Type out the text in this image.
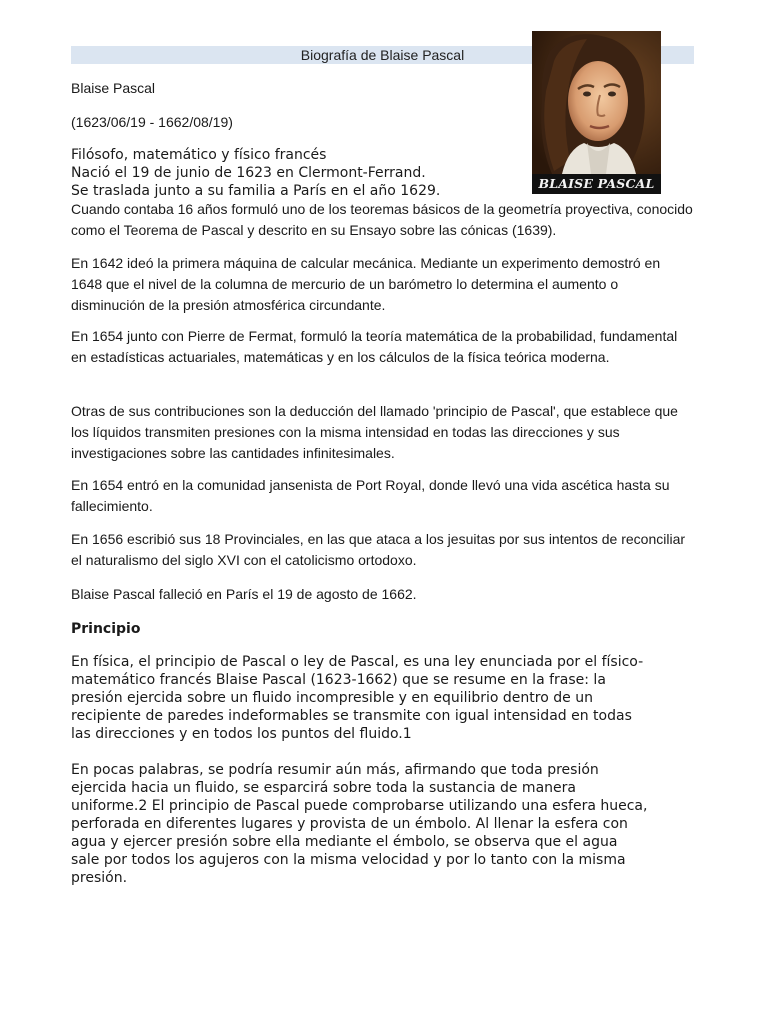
Biografía de Blaise Pascal
BLAISE PASCAL

Blaise Pascal

(1623/06/19 - 1662/08/19)

Filósofo, matemático y físico francés
Nació el 19 de junio de 1623 en Clermont-Ferrand.
Se traslada junto a su familia a París en el año 1629.

Cuando contaba 16 años formuló uno de los teoremas básicos de la geometría proyectiva, conocido como el Teorema de Pascal y descrito en su Ensayo sobre las cónicas (1639).

En 1642 ideó la primera máquina de calcular mecánica. Mediante un experimento demostró en 1648 que el nivel de la columna de mercurio de un barómetro lo determina el aumento o disminución de la presión atmosférica circundante.

En 1654 junto con Pierre de Fermat, formuló la teoría matemática de la probabilidad, fundamental en estadísticas actuariales, matemáticas y en los cálculos de la física teórica moderna.

Otras de sus contribuciones son la deducción del llamado 'principio de Pascal', que establece que los líquidos transmiten presiones con la misma intensidad en todas las direcciones y sus investigaciones sobre las cantidades infinitesimales.

En 1654 entró en la comunidad jansenista de Port Royal, donde llevó una vida ascética hasta su fallecimiento.

En 1656 escribió sus 18 Provinciales, en las que ataca a los jesuitas por sus intentos de reconciliar el naturalismo del siglo XVI con el catolicismo ortodoxo.

Blaise Pascal falleció en París el 19 de agosto de 1662.

Principio
En física, el principio de Pascal o ley de Pascal, es una ley enunciada por el físico-
matemático francés Blaise Pascal (1623-1662) que se resume en la frase: la
presión ejercida sobre un fluido incompresible y en equilibrio dentro de un
recipiente de paredes indeformables se transmite con igual intensidad en todas
las direcciones y en todos los puntos del fluido.1
En pocas palabras, se podría resumir aún más, afirmando que toda presión
ejercida hacia un fluido, se esparcirá sobre toda la sustancia de manera
uniforme.2 El principio de Pascal puede comprobarse utilizando una esfera hueca,
perforada en diferentes lugares y provista de un émbolo. Al llenar la esfera con
agua y ejercer presión sobre ella mediante el émbolo, se observa que el agua
sale por todos los agujeros con la misma velocidad y por lo tanto con la misma
presión.
